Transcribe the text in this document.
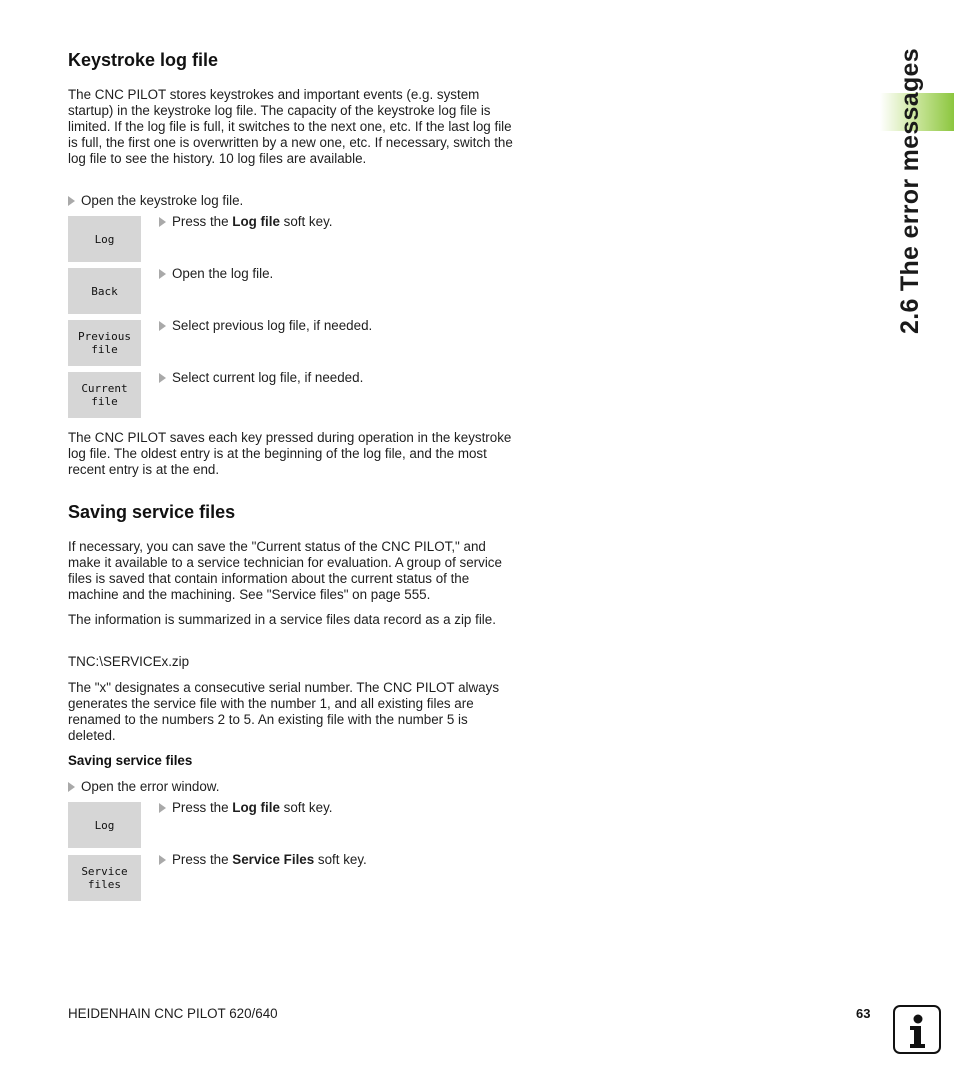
Keystroke log file

The CNC PILOT stores keystrokes and important events (e.g. system startup) in the keystroke log file. The capacity of the keystroke log file is limited. If the log file is full, it switches to the next one, etc. If the last log file is full, the first one is overwritten by a new one, etc. If necessary, switch the log file to see the history. 10 log files are available.

Open the keystroke log file.
Log
Press the Log file soft key.
Back
Open the log file.
Previous
file
Select previous log file, if needed.
Current
file
Select current log file, if needed.

The CNC PILOT saves each key pressed during operation in the keystroke log file. The oldest entry is at the beginning of the log file, and the most recent entry is at the end.

Saving service files

If necessary, you can save the "Current status of the CNC PILOT," and make it available to a service technician for evaluation. A group of service files is saved that contain information about the current status of the machine and the machining. See "Service files" on page 555.

The information is summarized in a service files data record as a zip file.

TNC:\SERVICEx.zip

The "x" designates a consecutive serial number. The CNC PILOT always generates the service file with the number 1, and all existing files are renamed to the numbers 2 to 5. An existing file with the number 5 is deleted.

Saving service files
Open the error window.
Log
Press the Log file soft key.
Service
files
Press the Service Files soft key.
2.6 The error messages
HEIDENHAIN CNC PILOT 620/640	63
